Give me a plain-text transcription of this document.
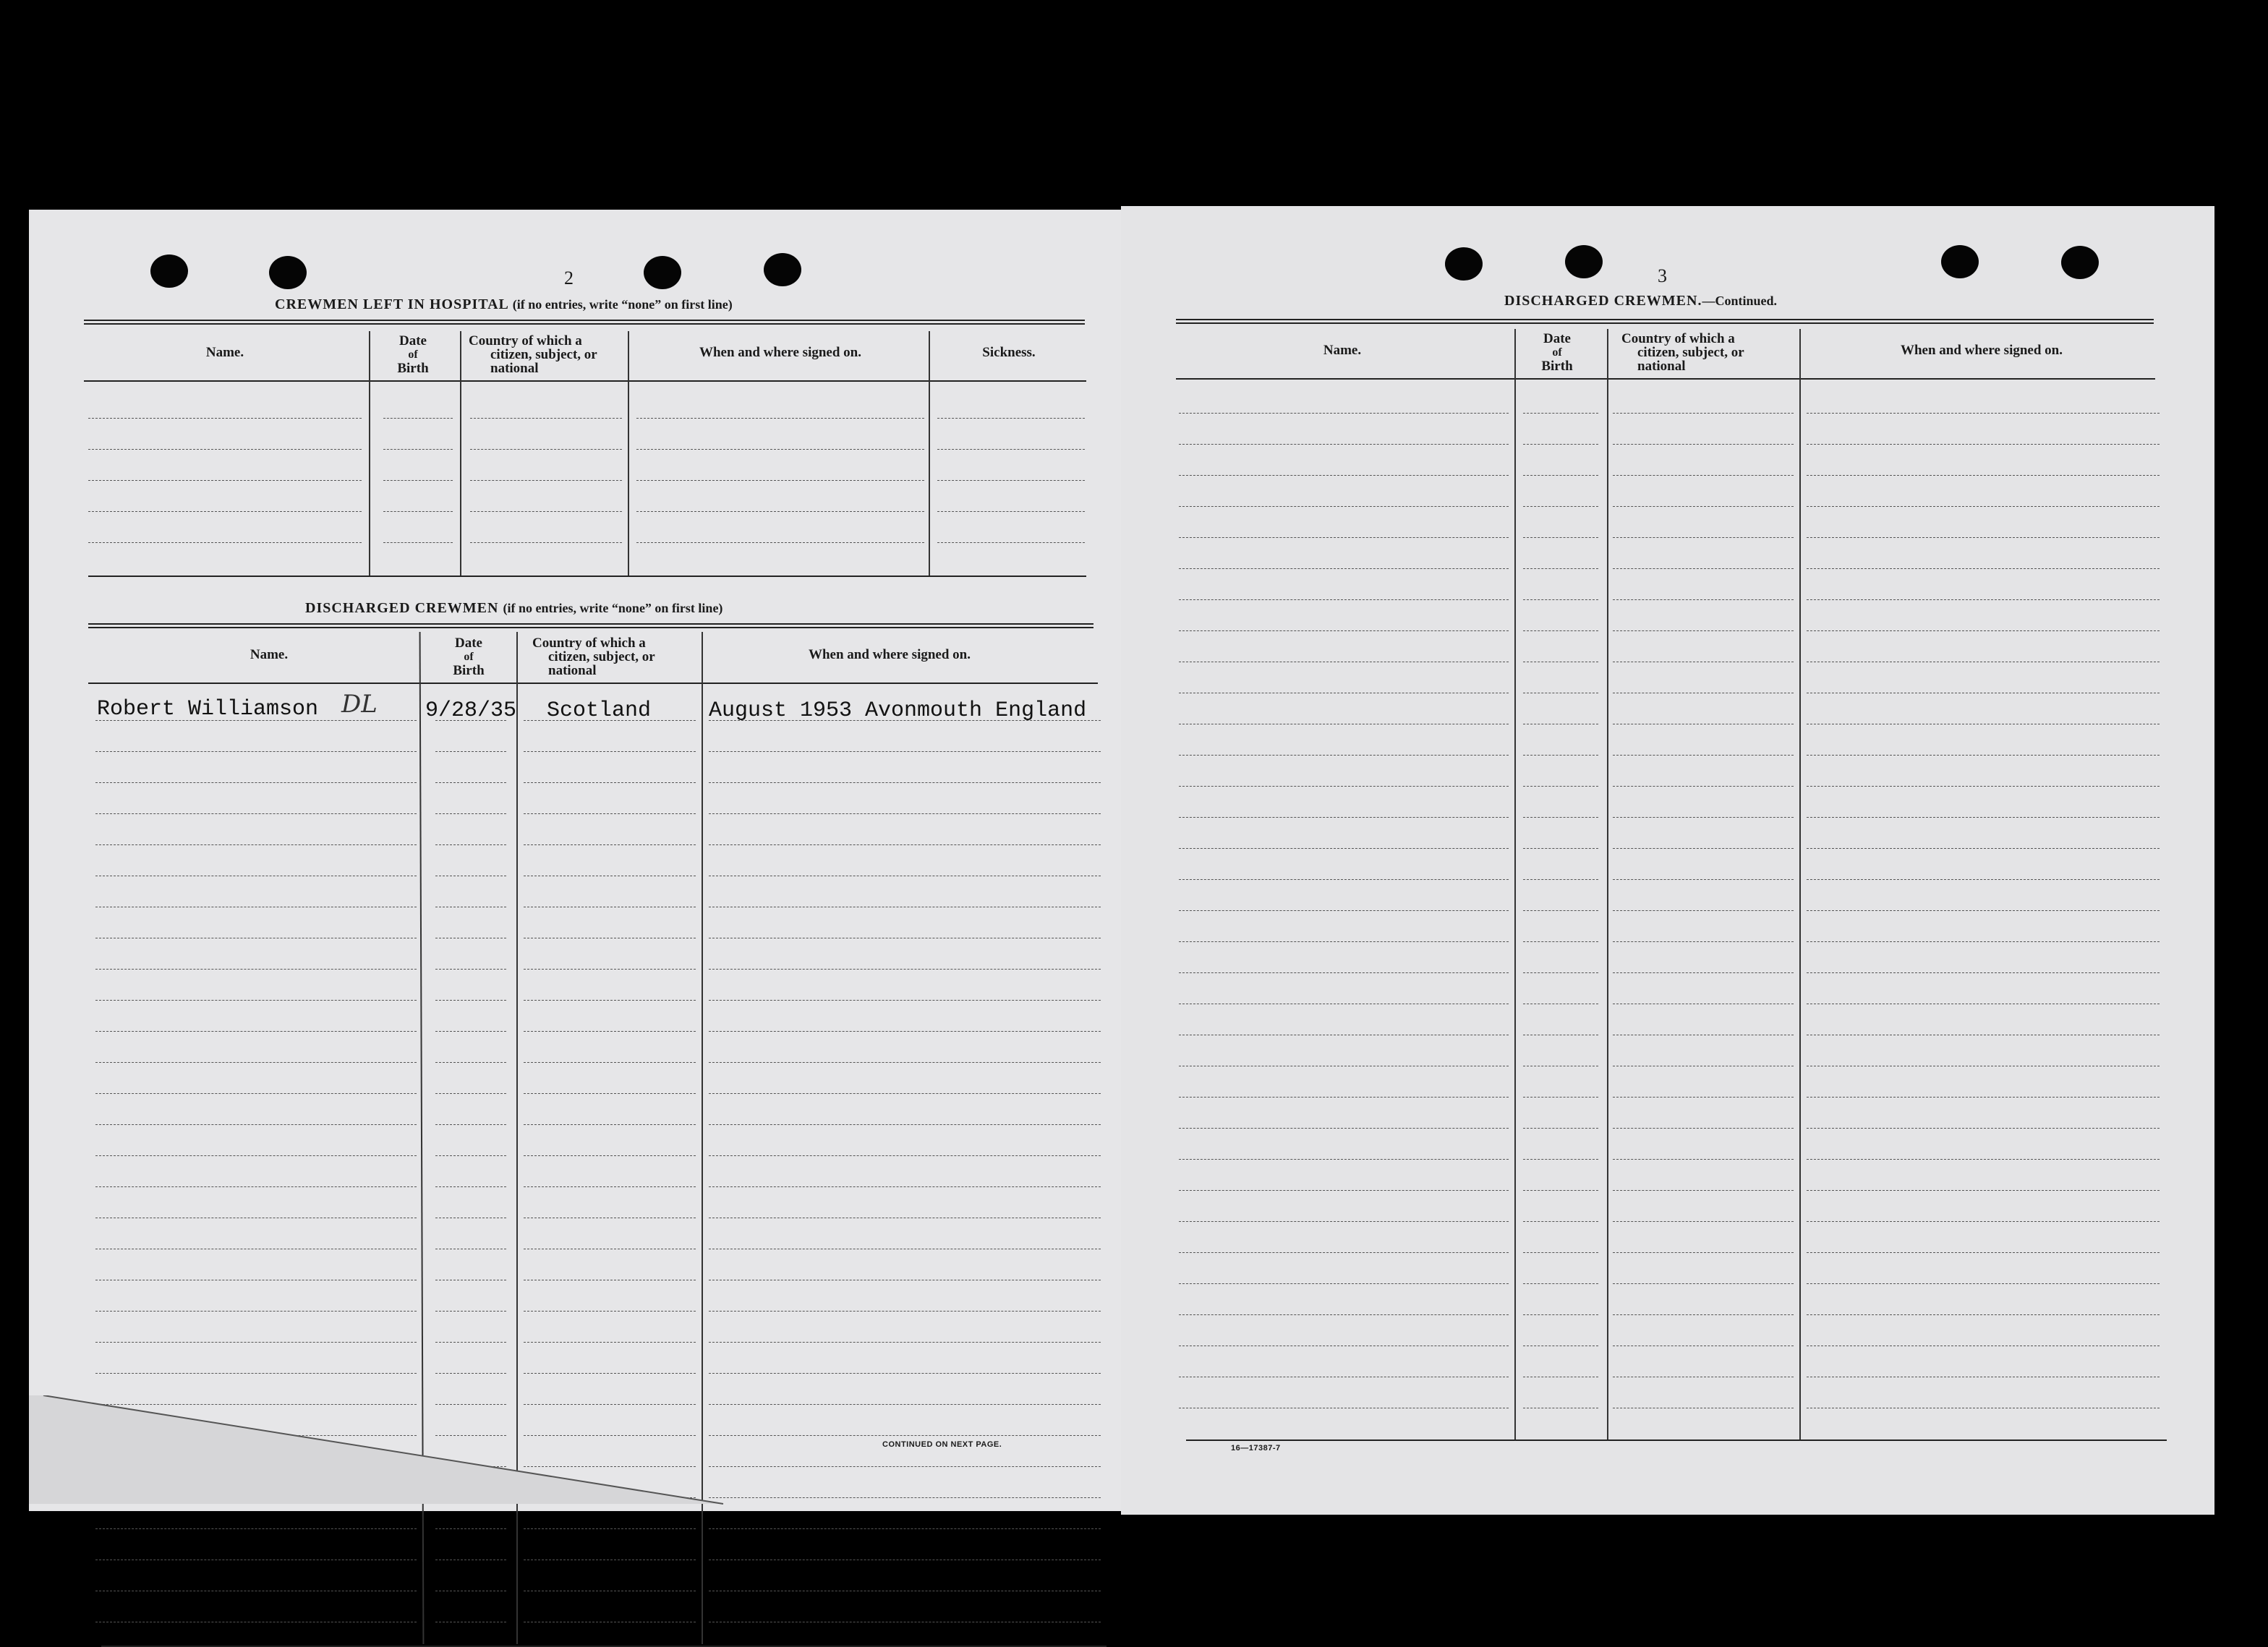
2
CREWMEN LEFT IN HOSPITAL (if no entries, write “none” on first line)
Name.
Date
of
Birth
Country of which a
citizen, subject, or
national
When and where signed on.	Sickness.
DISCHARGED CREWMEN (if no entries, write “none” on first line)
Name.
Date
of
Birth
Country of which a
citizen, subject, or
national
When and where signed on.
Robert Williamson DL 9/28/35 Scotland	August 1953 Avonmouth England
CONTINUED ON NEXT PAGE.
3
DISCHARGED CREWMEN.—Continued.
Name.
Date
of
Birth
Country of which a
citizen, subject, or
national
When and where signed on.
16—17387-7
